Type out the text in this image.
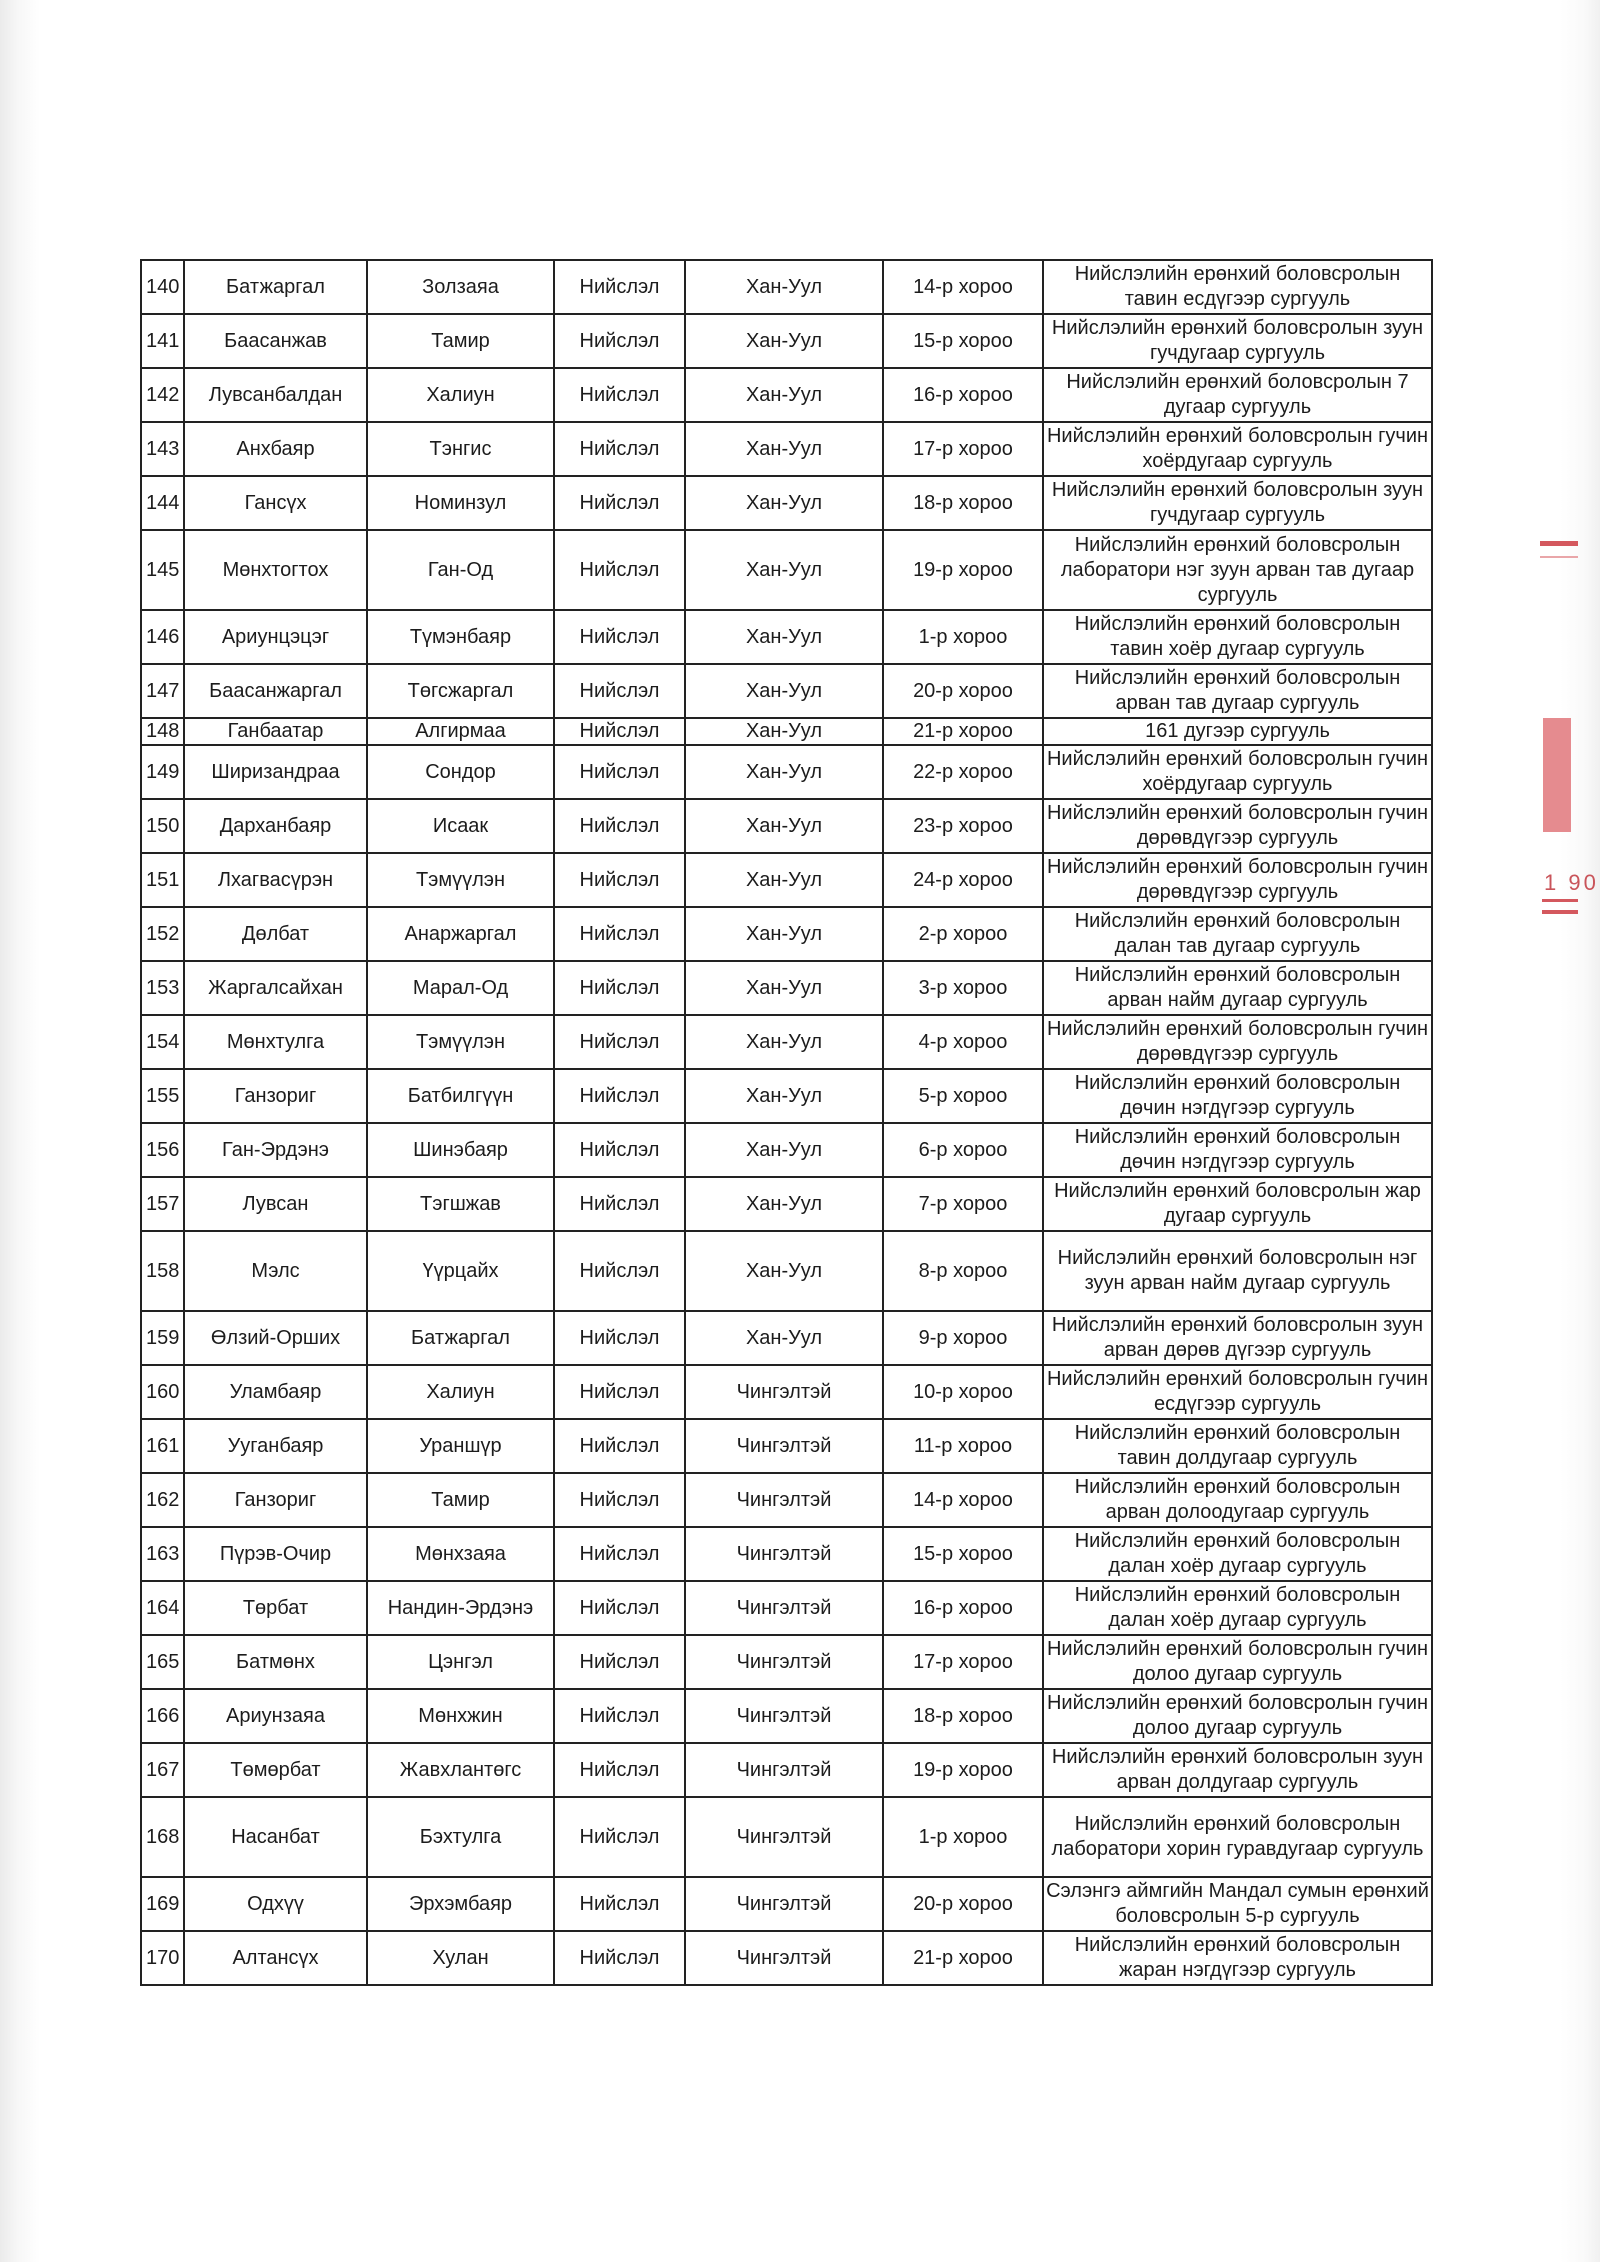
140	Батжаргал	Золзаяа	Нийслэл	Хан-Уул	14-р хороо	Нийслэлийн ерөнхий боловсролын тавин есдүгээр сургууль
141	Баасанжав	Тамир	Нийслэл	Хан-Уул	15-р хороо	Нийслэлийн ерөнхий боловсролын зуун гучдугаар сургууль
142	Лувсанбалдан	Халиун	Нийслэл	Хан-Уул	16-р хороо	Нийслэлийн ерөнхий боловсролын 7 дугаар сургууль
143	Анхбаяр	Тэнгис	Нийслэл	Хан-Уул	17-р хороо	Нийслэлийн ерөнхий боловсролын гучин хоёрдугаар сургууль
144	Гансүх	Номинзул	Нийслэл	Хан-Уул	18-р хороо	Нийслэлийн ерөнхий боловсролын зуун гучдугаар сургууль
145	Мөнхтогтох	Ган-Од	Нийслэл	Хан-Уул	19-р хороо	Нийслэлийн ерөнхий боловсролын лаборатори нэг зуун арван тав дугаар сургууль
146	Ариунцэцэг	Түмэнбаяр	Нийслэл	Хан-Уул	1-р хороо	Нийслэлийн ерөнхий боловсролын тавин хоёр дугаар сургууль
147	Баасанжаргал	Төгсжаргал	Нийслэл	Хан-Уул	20-р хороо	Нийслэлийн ерөнхий боловсролын арван тав дугаар сургууль
148	Ганбаатар	Алгирмаа	Нийслэл	Хан-Уул	21-р хороо	161 дугээр сургууль
149	Ширизандраа	Сондор	Нийслэл	Хан-Уул	22-р хороо	Нийслэлийн ерөнхий боловсролын гучин хоёрдугаар сургууль
150	Дарханбаяр	Исаак	Нийслэл	Хан-Уул	23-р хороо	Нийслэлийн ерөнхий боловсролын гучин дөрөвдүгээр сургууль
151	Лхагвасүрэн	Тэмүүлэн	Нийслэл	Хан-Уул	24-р хороо	Нийслэлийн ерөнхий боловсролын гучин дөрөвдүгээр сургууль
152	Дөлбат	Анаржаргал	Нийслэл	Хан-Уул	2-р хороо	Нийслэлийн ерөнхий боловсролын далан тав дугаар сургууль
153	Жаргалсайхан	Марал-Од	Нийслэл	Хан-Уул	3-р хороо	Нийслэлийн ерөнхий боловсролын арван найм дугаар сургууль
154	Мөнхтулга	Тэмүүлэн	Нийслэл	Хан-Уул	4-р хороо	Нийслэлийн ерөнхий боловсролын гучин дөрөвдүгээр сургууль
155	Ганзориг	Батбилгүүн	Нийслэл	Хан-Уул	5-р хороо	Нийслэлийн ерөнхий боловсролын дөчин нэгдүгээр сургууль
156	Ган-Эрдэнэ	Шинэбаяр	Нийслэл	Хан-Уул	6-р хороо	Нийслэлийн ерөнхий боловсролын дөчин нэгдүгээр сургууль
157	Лувсан	Тэгшжав	Нийслэл	Хан-Уул	7-р хороо	Нийслэлийн ерөнхий боловсролын жар дугаар сургууль
158	Мэлс	Үүрцайх	Нийслэл	Хан-Уул	8-р хороо	Нийслэлийн ерөнхий боловсролын нэг зуун арван найм дугаар сургууль
159	Өлзий-Орших	Батжаргал	Нийслэл	Хан-Уул	9-р хороо	Нийслэлийн ерөнхий боловсролын зуун арван дөрөв дүгээр сургууль
160	Уламбаяр	Халиун	Нийслэл	Чингэлтэй	10-р хороо	Нийслэлийн ерөнхий боловсролын гучин есдүгээр сургууль
161	Ууганбаяр	Ураншүр	Нийслэл	Чингэлтэй	11-р хороо	Нийслэлийн ерөнхий боловсролын тавин долдугаар сургууль
162	Ганзориг	Тамир	Нийслэл	Чингэлтэй	14-р хороо	Нийслэлийн ерөнхий боловсролын арван долоодугаар сургууль
163	Пүрэв-Очир	Мөнхзаяа	Нийслэл	Чингэлтэй	15-р хороо	Нийслэлийн ерөнхий боловсролын далан хоёр дугаар сургууль
164	Төрбат	Нандин-Эрдэнэ	Нийслэл	Чингэлтэй	16-р хороо	Нийслэлийн ерөнхий боловсролын далан хоёр дугаар сургууль
165	Батмөнх	Цэнгэл	Нийслэл	Чингэлтэй	17-р хороо	Нийслэлийн ерөнхий боловсролын гучин долоо дугаар сургууль
166	Ариунзаяа	Мөнхжин	Нийслэл	Чингэлтэй	18-р хороо	Нийслэлийн ерөнхий боловсролын гучин долоо дугаар сургууль
167	Төмөрбат	Жавхлантөгс	Нийслэл	Чингэлтэй	19-р хороо	Нийслэлийн ерөнхий боловсролын зуун арван долдугаар сургууль
168	Насанбат	Бэхтулга	Нийслэл	Чингэлтэй	1-р хороо	Нийслэлийн ерөнхий боловсролын лаборатори хорин гуравдугаар сургууль
169	Одхүү	Эрхэмбаяр	Нийслэл	Чингэлтэй	20-р хороо	Сэлэнгэ аймгийн Мандал сумын ерөнхий боловсролын 5-р сургууль
170	Алтансүх	Хулан	Нийслэл	Чингэлтэй	21-р хороо	Нийслэлийн ерөнхий боловсролын жаран нэгдүгээр сургууль
1 90
